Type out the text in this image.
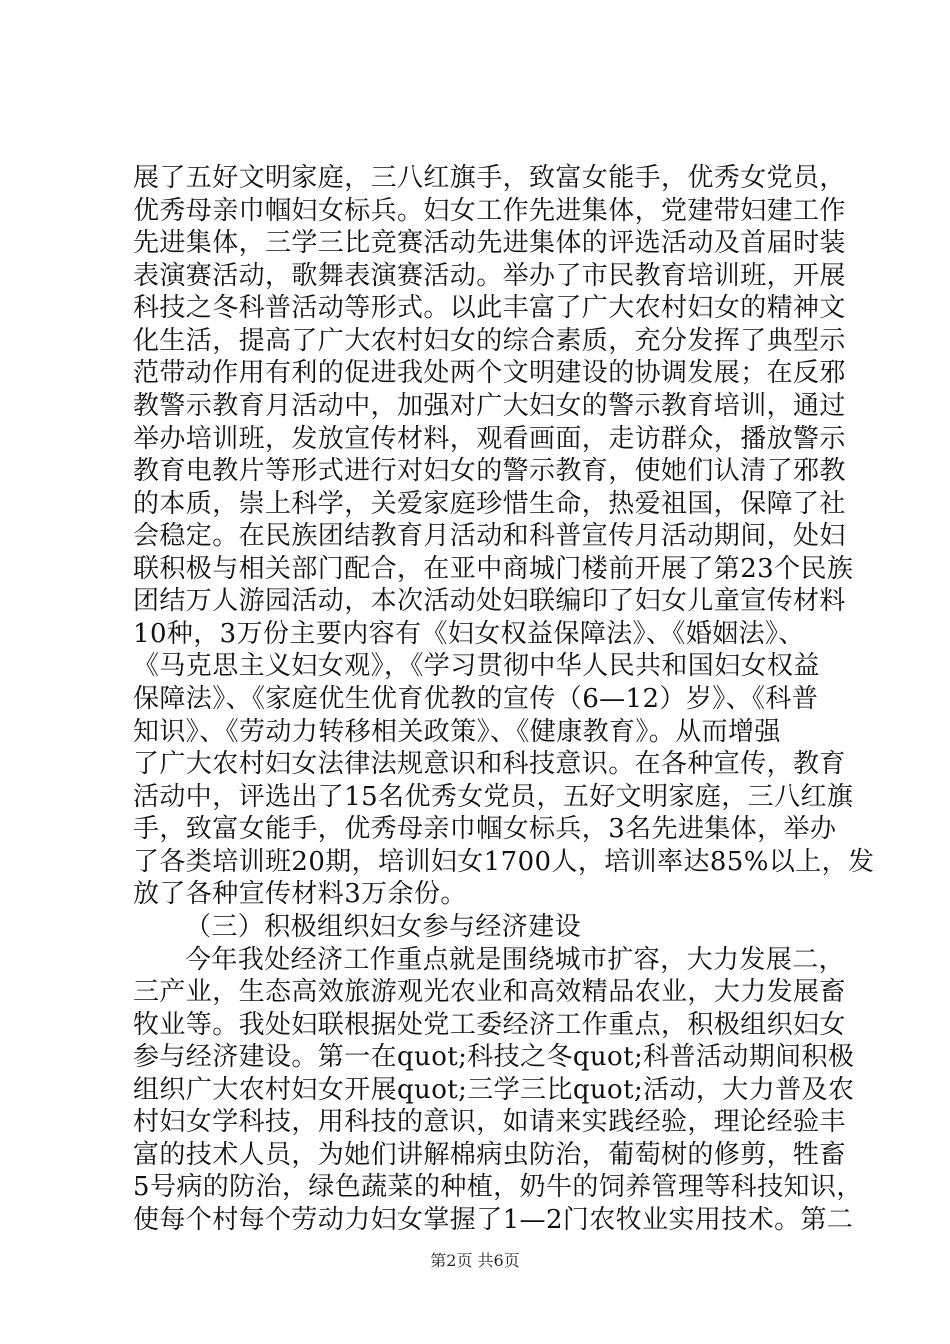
展了五好文明家庭，三八红旗手，致富女能手，优秀女党员，
优秀母亲巾帼妇女标兵。妇女工作先进集体，党建带妇建工作
先进集体，三学三比竞赛活动先进集体的评选活动及首届时装
表演赛活动，歌舞表演赛活动。举办了市民教育培训班，开展
科技之冬科普活动等形式。以此丰富了广大农村妇女的精神文
化生活，提高了广大农村妇女的综合素质，充分发挥了典型示
范带动作用有利的促进我处两个文明建设的协调发展；在反邪
教警示教育月活动中，加强对广大妇女的警示教育培训，通过
举办培训班，发放宣传材料，观看画面，走访群众，播放警示
教育电教片等形式进行对妇女的警示教育，使她们认清了邪教
的本质，崇上科学，关爱家庭珍惜生命，热爱祖国，保障了社
会稳定。在民族团结教育月活动和科普宣传月活动期间，处妇
联积极与相关部门配合，在亚中商城门楼前开展了第23个民族
团结万人游园活动，本次活动处妇联编印了妇女儿童宣传材料
10种，3万份主要内容有《妇女权益保障法》、《婚姻法》、
《马克思主义妇女观》，《学习贯彻中华人民共和国妇女权益
保障法》、《家庭优生优育优教的宣传（6—12）岁》、《科普
知识》、《劳动力转移相关政策》、《健康教育》。从而增强
了广大农村妇女法律法规意识和科技意识。在各种宣传，教育
活动中，评选出了15名优秀女党员，五好文明家庭，三八红旗
手，致富女能手，优秀母亲巾帼女标兵，3名先进集体，举办
了各类培训班20期，培训妇女1700人，培训率达85%以上，发
放了各种宣传材料3万余份。
（三）积极组织妇女参与经济建设
今年我处经济工作重点就是围绕城市扩容，大力发展二，
三产业，生态高效旅游观光农业和高效精品农业，大力发展畜
牧业等。我处妇联根据处党工委经济工作重点，积极组织妇女
参与经济建设。第一在quot;科技之冬quot;科普活动期间积极
组织广大农村妇女开展quot;三学三比quot;活动，大力普及农
村妇女学科技，用科技的意识，如请来实践经验，理论经验丰
富的技术人员，为她们讲解棉病虫防治，葡萄树的修剪，牲畜
5号病的防治，绿色蔬菜的种植，奶牛的饲养管理等科技知识，
使每个村每个劳动力妇女掌握了1—2门农牧业实用技术。第二
第2页 共6页
